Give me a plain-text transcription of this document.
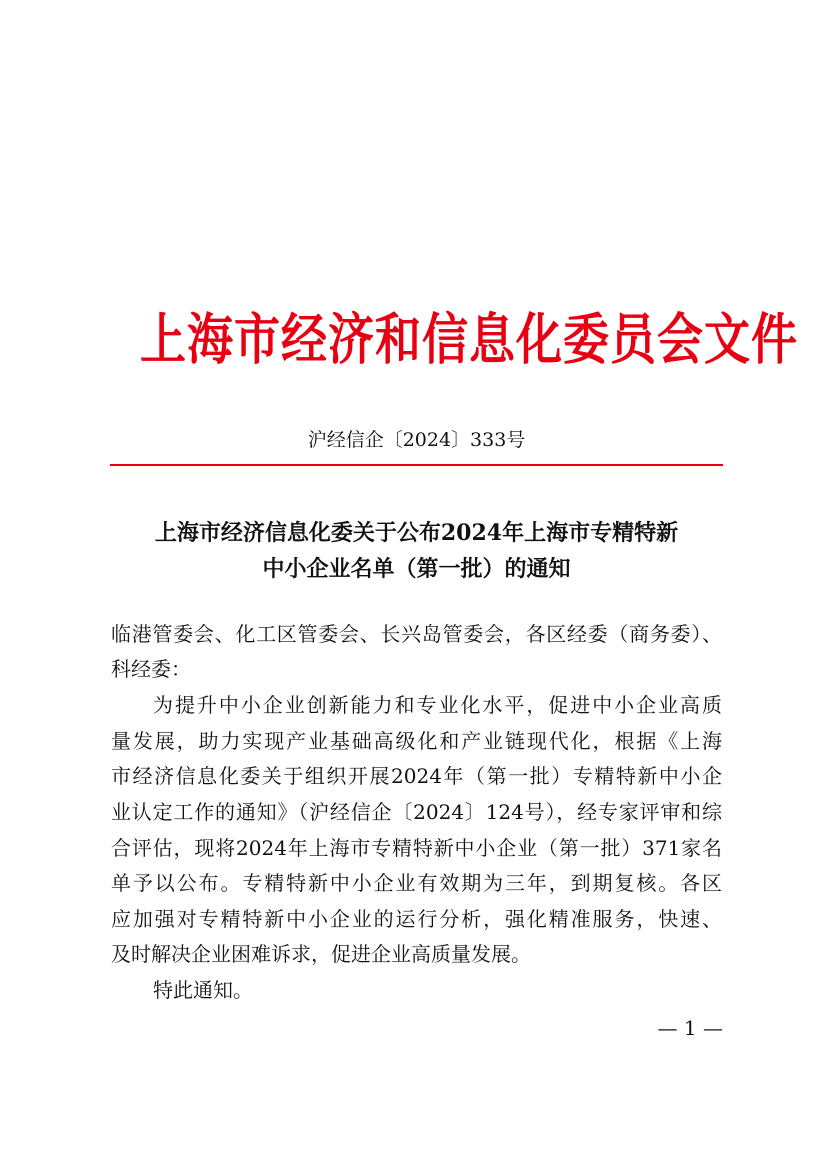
上海市经济和信息化委员会文件
沪经信企〔2024〕333号
上海市经济信息化委关于公布2024年上海市专精特新
中小企业名单（第一批）的通知
临港管委会、化工区管委会、长兴岛管委会，各区经委（商务委）、
科经委：
为提升中小企业创新能力和专业化水平，促进中小企业高质
量发展，助力实现产业基础高级化和产业链现代化，根据《上海
市经济信息化委关于组织开展2024年（第一批）专精特新中小企
业认定工作的通知》（沪经信企〔2024〕124号），经专家评审和综
合评估，现将2024年上海市专精特新中小企业（第一批）371家名
单予以公布。专精特新中小企业有效期为三年，到期复核。各区
应加强对专精特新中小企业的运行分析，强化精准服务，快速、
及时解决企业困难诉求，促进企业高质量发展。
特此通知。
— 1 —
